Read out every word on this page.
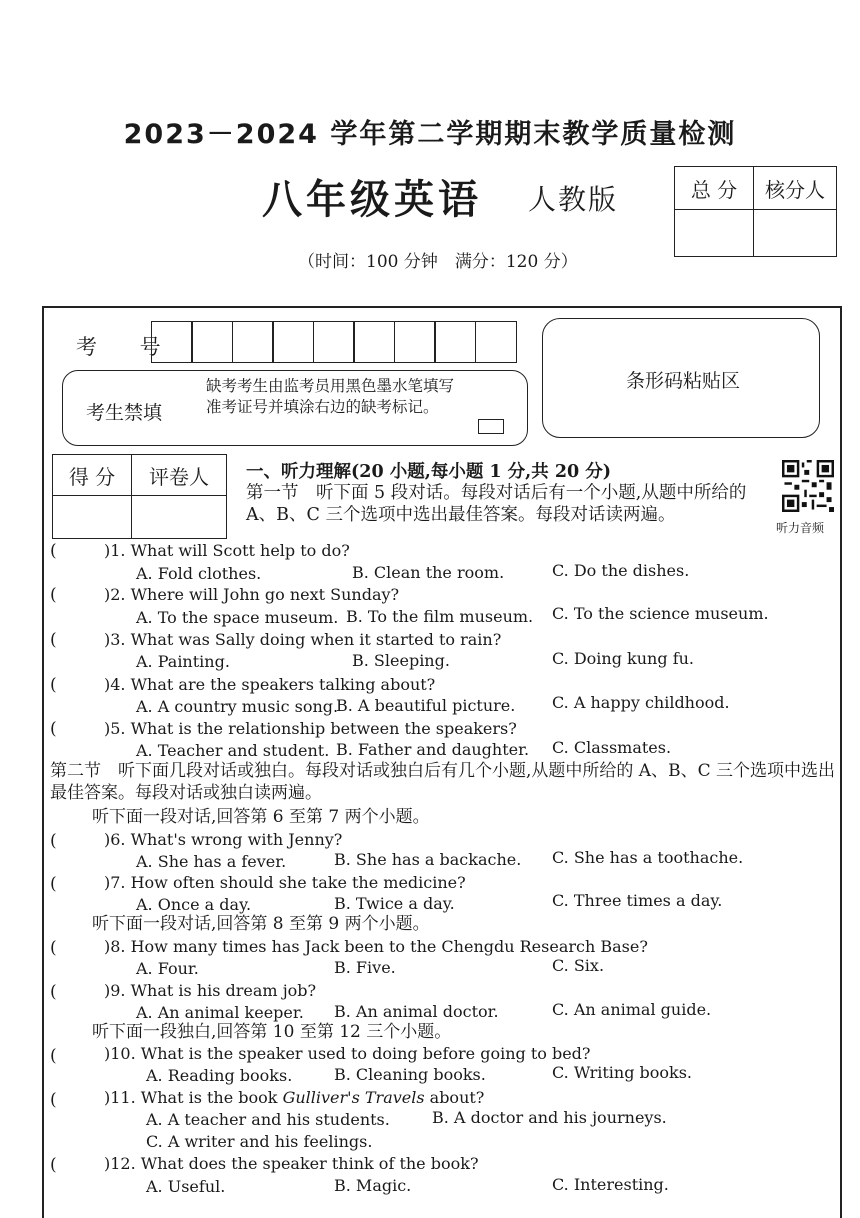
2023－2024 学年第二学期期末教学质量检测
八年级英语 人教版
（时间：100 分钟　满分：120 分）
总 分	核分人

考 号
条形码粘贴区
考生禁填
缺考考生由监考员用黑色墨水笔填写准考证号并填涂右边的缺考标记。
得 分	评卷人
	一、听力理解(20 小题,每小题 1 分,共 20 分)
第一节　听下面 5 段对话。每段对话后有一个小题,从题中所给的 A、B、C 三个选项中选出最佳答案。每段对话读两遍。
听力音频
(	)1. What will Scott help to do?
A. Fold clothes.	B. Clean the room.	C. Do the dishes.
(	)2. Where will John go next Sunday?
A. To the space museum. B. To the film museum. C. To the science museum.
(	)3. What was Sally doing when it started to rain?
A. Painting.	B. Sleeping.	C. Doing kung fu.
(	)4. What are the speakers talking about?
A. A country music song.
B. A beautiful picture. C. A happy childhood.
(	)5. What is the relationship between the speakers?
A. Teacher and student. B. Father and daughter. C. Classmates.
第二节　听下面几段对话或独白。每段对话或独白后有几个小题,从题中所给的 A、B、C 三个选项中选出最佳答案。每段对话或独白读两遍。
听下面一段对话,回答第 6 至第 7 两个小题。
(	)6. What's wrong with Jenny?
A. She has a fever.	B. She has a backache. C. She has a toothache.
(	)7. How often should she take the medicine?
A. Once a day.	B. Twice a day.	C. Three times a day.
听下面一段对话,回答第 8 至第 9 两个小题。
(	)8. How many times has Jack been to the Chengdu Research Base?
A. Four.	B. Five.	C. Six.
(	)9. What is his dream job?
A. An animal keeper. B. An animal doctor.	C. An animal guide.
听下面一段独白,回答第 10 至第 12 三个小题。
(	)10. What is the speaker used to doing before going to bed?
A. Reading books.	B. Cleaning books.	C. Writing books.
(	)11. What is the book Gulliver's Travels about?
A. A teacher and his students.	B. A doctor and his journeys.
C. A writer and his feelings.
(	)12. What does the speaker think of the book?
A. Useful.	B. Magic.	C. Interesting.
